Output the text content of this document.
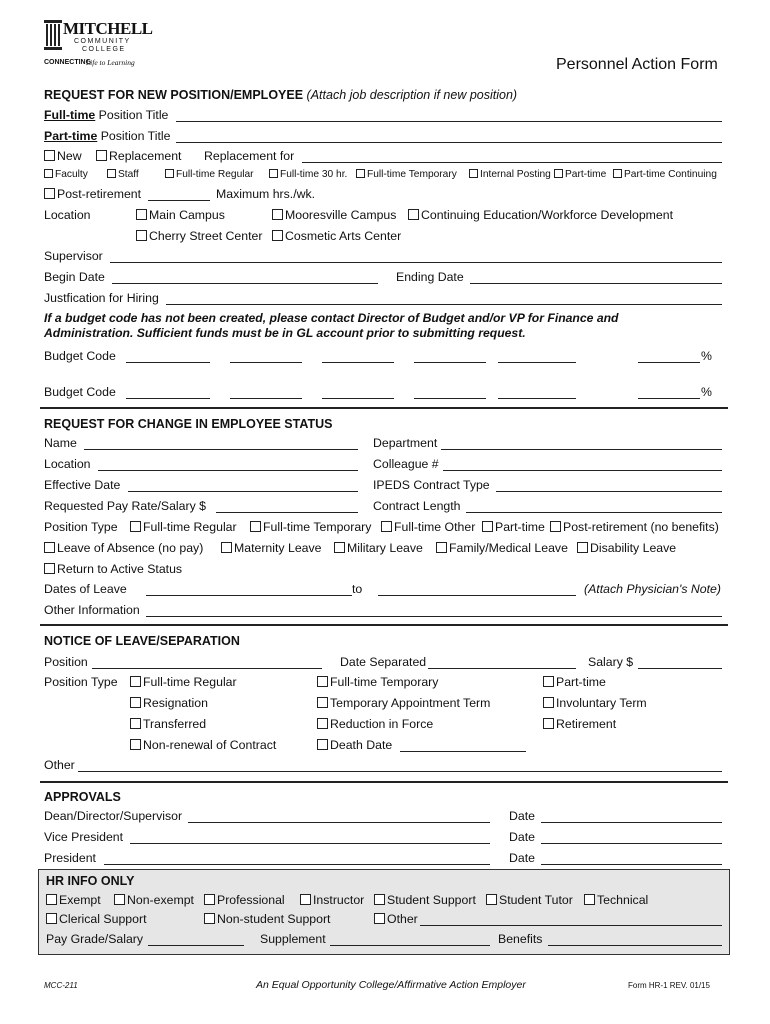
MITCHELL
COMMUNITY
COLLEGE
CONNECTING
Life to Learning	Personnel Action Form
REQUEST FOR NEW POSITION/EMPLOYEE (Attach job description if new position)
Full-time Position Title
Part-time Position Title
New	Replacement Replacement for
Faculty	Staff	Full-time Regular	Full-time 30 hr.	Full-time Temporary	Internal Posting	Part-time	Part-time Continuing
Post-retirement	Maximum hrs./wk.
Location	Main Campus	Mooresville Campus	Continuing Education/Workforce Development
Cherry Street Center	Cosmetic Arts Center
Supervisor
Begin Date	Ending Date
Justfication for Hiring
If a budget code has not been created, please contact Director of Budget and/or VP for Finance and Administration. Sufficient funds must be in GL account prior to submitting request.
Budget Code	%
Budget Code	%
REQUEST FOR CHANGE IN EMPLOYEE STATUS
Name	Department
Location	Colleague #
Effective Date	IPEDS Contract Type
Requested Pay Rate/Salary $	Contract Length
Position Type	Full-time Regular	Full-time Temporary	Full-time Other	Part-time	Post-retirement (no benefits)
Leave of Absence (no pay)	Maternity Leave	Military Leave	Family/Medical Leave	Disability Leave
Return to Active Status
Dates of Leave	to	(Attach Physician's Note)
Other Information
NOTICE OF LEAVE/SEPARATION
Position	Date Separated	Salary $
Position Type	Full-time Regular	Full-time Temporary	Part-time
Resignation	Temporary Appointment Term	Involuntary Term
Transferred	Reduction in Force	Retirement
Non-renewal of Contract	Death Date
Other
APPROVALS
Dean/Director/Supervisor	Date
Vice President	Date
President	Date
HR INFO ONLY
Exempt	Non-exempt	Professional	Instructor	Student Support	Student Tutor	Technical
Clerical Support	Non-student Support	Other
Pay Grade/Salary	Supplement	Benefits
MCC-211	An Equal Opportunity College/Affirmative Action Employer	Form HR-1 REV. 01/15
